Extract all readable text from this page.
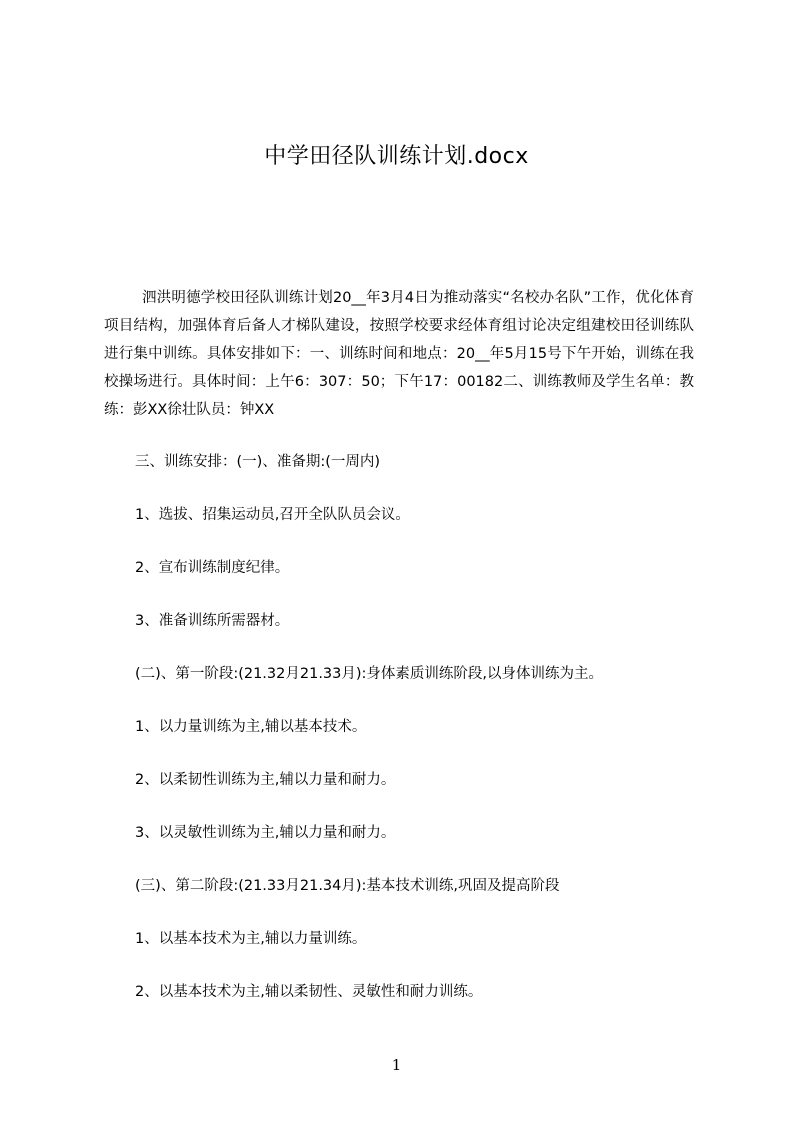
中学田径队训练计划.docx
泗洪明德学校田径队训练计划20__年3月4日为推动落实“名校办名队”工作，优化体育项目结构，加强体育后备人才梯队建设，按照学校要求经体育组讨论决定组建校田径训练队进行集中训练。具体安排如下：一、训练时间和地点：20__年5月15号下午开始，训练在我校操场进行。具体时间：上午6：307：50；下午17：00182二、训练教师及学生名单：教练：彭XX徐壮队员：钟XX
三、训练安排：(一)、准备期:(一周内)
1、选拔、招集运动员,召开全队队员会议。
2、宣布训练制度纪律。
3、准备训练所需器材。
(二)、第一阶段:(21.32月21.33月):身体素质训练阶段,以身体训练为主。
1、以力量训练为主,辅以基本技术。
2、以柔韧性训练为主,辅以力量和耐力。
3、以灵敏性训练为主,辅以力量和耐力。
(三)、第二阶段:(21.33月21.34月):基本技术训练,巩固及提高阶段
1、以基本技术为主,辅以力量训练。
2、以基本技术为主,辅以柔韧性、灵敏性和耐力训练。
1
